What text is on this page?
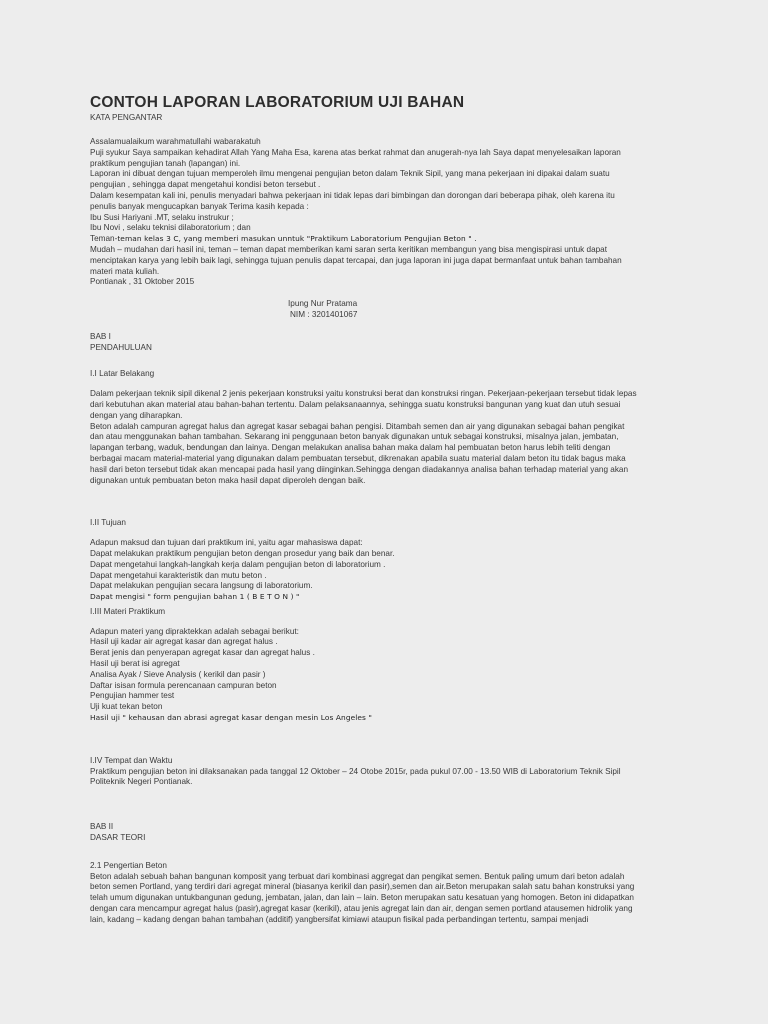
CONTOH LAPORAN LABORATORIUM UJI BAHAN
KATA PENGANTAR

Assalamualaikum warahmatullahi wabarakatuh

Puji syukur Saya sampaikan kehadirat Allah Yang Maha Esa, karena atas berkat rahmat dan anugerah-nya lah Saya dapat menyelesaikan laporan

praktikum pengujian tanah (lapangan) ini.

Laporan ini dibuat dengan tujuan memperoleh ilmu mengenai pengujian beton dalam Teknik Sipil, yang mana pekerjaan ini dipakai dalam suatu

pengujian , sehingga dapat mengetahui kondisi beton tersebut .

Dalam kesempatan kali ini, penulis menyadari bahwa pekerjaan ini tidak lepas dari bimbingan dan dorongan dari beberapa pihak, oleh karena itu

penulis banyak mengucapkan banyak Terima kasih kepada :

Ibu Susi Hariyani .MT, selaku instrukur ;

Ibu Novi , selaku teknisi dilaboratorium ; dan

Teman-teman kelas 3 C, yang memberi masukan unntuk "Praktikum Laboratorium Pengujian Beton " .

Mudah – mudahan dari hasil ini, teman – teman dapat memberikan kami saran serta keritikan membangun yang bisa mengispirasi untuk dapat

menciptakan karya yang lebih baik lagi, sehingga tujuan penulis dapat tercapai, dan juga laporan ini juga dapat bermanfaat untuk bahan tambahan

materi mata kuliah.

Pontianak , 31 Oktober 2015

Ipung Nur Pratama

NIM : 3201401067

BAB I

PENDAHULUAN

I.I Latar Belakang

Dalam pekerjaan teknik sipil dikenal 2 jenis pekerjaan konstruksi yaitu konstruksi berat dan konstruksi ringan. Pekerjaan-pekerjaan tersebut tidak lepas

dari kebutuhan akan material atau bahan-bahan tertentu. Dalam pelaksanaannya, sehingga suatu konstruksi bangunan yang kuat dan utuh sesuai

dengan yang diharapkan.

Beton adalah campuran agregat halus dan agregat kasar sebagai bahan pengisi. Ditambah semen dan air yang digunakan sebagai bahan pengikat

dan atau menggunakan bahan tambahan. Sekarang ini penggunaan beton banyak digunakan untuk sebagai konstruksi, misalnya jalan, jembatan,

lapangan terbang, waduk, bendungan dan lainya. Dengan melakukan analisa bahan maka dalam hal pembuatan beton harus lebih teliti dengan

berbagai macam material-material yang digunakan dalam pembuatan tersebut, dikrenakan apabila suatu material dalam beton itu tidak bagus maka

hasil dari beton tersebut tidak akan mencapai pada hasil yang diinginkan.Sehingga dengan diadakannya analisa bahan terhadap material yang akan

digunakan untuk pembuatan beton maka hasil dapat diperoleh dengan baik.

I.II Tujuan

Adapun maksud dan tujuan dari praktikum ini, yaitu agar mahasiswa dapat:

Dapat melakukan praktikum pengujian beton dengan prosedur yang baik dan benar.

Dapat mengetahui langkah-langkah kerja dalam pengujian beton di laboratorium .

Dapat mengetahui karakteristik dan mutu beton .

Dapat melakukan pengujian secara langsung di laboratorium.

Dapat mengisi " form pengujian bahan 1 ( B E T O N ) "

I.III Materi Praktikum

Adapun materi yang dipraktekkan adalah sebagai berikut:

Hasil uji kadar air agregat kasar dan agregat halus .

Berat jenis dan penyerapan agregat kasar dan agregat halus .

Hasil uji berat isi agregat

Analisa Ayak / Sieve Analysis ( kerikil dan pasir )

Daftar isisan formula perencanaan campuran beton

Pengujian hammer test

Uji kuat tekan beton

Hasil uji " kehausan dan abrasi agregat kasar dengan mesin Los Angeles "

I.IV Tempat dan Waktu

Praktikum pengujian beton ini dilaksanakan pada tanggal 12 Oktober – 24 Otobe 2015r, pada pukul 07.00 - 13.50 WIB di Laboratorium Teknik Sipil

Politeknik Negeri Pontianak.

BAB II

DASAR TEORI

2.1 Pengertian Beton

Beton adalah sebuah bahan bangunan komposit yang terbuat dari kombinasi aggregat dan pengikat semen. Bentuk paling umum dari beton adalah

beton semen Portland, yang terdiri dari agregat mineral (biasanya kerikil dan pasir),semen dan air.Beton merupakan salah satu bahan konstruksi yang

telah umum digunakan untukbangunan gedung, jembatan, jalan, dan lain – lain. Beton merupakan satu kesatuan yang homogen. Beton ini didapatkan

dengan cara mencampur agregat halus (pasir),agregat kasar (kerikil), atau jenis agregat lain dan air, dengan semen portland atausemen hidrolik yang

lain, kadang – kadang dengan bahan tambahan (additif) yangbersifat kimiawi ataupun fisikal pada perbandingan tertentu, sampai menjadi
